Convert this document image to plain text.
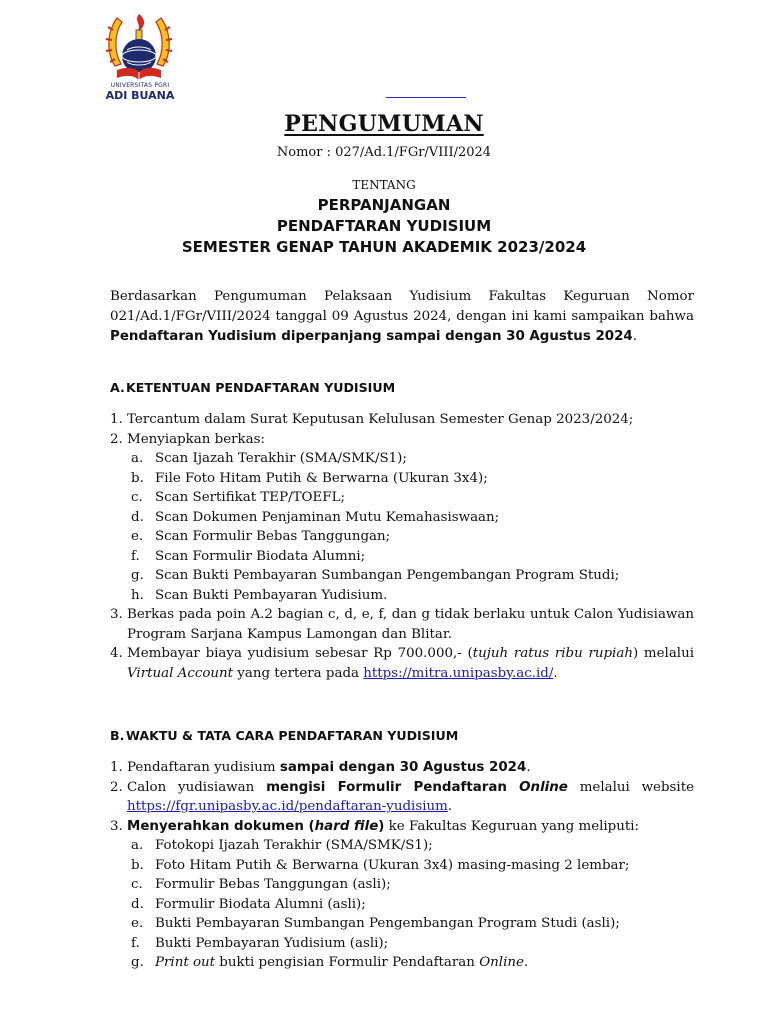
UNIVERSITAS PGRI
ADI BUANA
PENGUMUMAN
Nomor : 027/Ad.1/FGr/VIII/2024
TENTANG
PERPANJANGAN
PENDAFTARAN YUDISIUM
SEMESTER GENAP TAHUN AKADEMIK 2023/2024
Berdasarkan Pengumuman Pelaksaan Yudisium Fakultas Keguruan Nomor 021/Ad.1/FGr/VIII/2024 tanggal 09 Agustus 2024, dengan ini kami sampaikan bahwa Pendaftaran Yudisium diperpanjang sampai dengan 30 Agustus 2024.
A.KETENTUAN PENDAFTARAN YUDISIUM
1. Tercantum dalam Surat Keputusan Kelulusan Semester Genap 2023/2024;
2. Menyiapkan berkas:
a. Scan Ijazah Terakhir (SMA/SMK/S1);
b. File Foto Hitam Putih & Berwarna (Ukuran 3x4);
c. Scan Sertifikat TEP/TOEFL;
d. Scan Dokumen Penjaminan Mutu Kemahasiswaan;
e. Scan Formulir Bebas Tanggungan;
f. Scan Formulir Biodata Alumni;
g. Scan Bukti Pembayaran Sumbangan Pengembangan Program Studi;
h. Scan Bukti Pembayaran Yudisium.
3. Berkas pada poin A.2 bagian c, d, e, f, dan g tidak berlaku untuk Calon Yudisiawan Program Sarjana Kampus Lamongan dan Blitar.
4. Membayar biaya yudisium sebesar Rp 700.000,- (tujuh ratus ribu rupiah) melalui Virtual Account yang tertera pada https://mitra.unipasby.ac.id/.
B. WAKTU & TATA CARA PENDAFTARAN YUDISIUM
1. Pendaftaran yudisium sampai dengan 30 Agustus 2024.
2. Calon yudisiawan mengisi Formulir Pendaftaran Online melalui website https://fgr.unipasby.ac.id/pendaftaran-yudisium.
3. Menyerahkan dokumen (hard file) ke Fakultas Keguruan yang meliputi:
a. Fotokopi Ijazah Terakhir (SMA/SMK/S1);
b. Foto Hitam Putih & Berwarna (Ukuran 3x4) masing-masing 2 lembar;
c. Formulir Bebas Tanggungan (asli);
d. Formulir Biodata Alumni (asli);
e. Bukti Pembayaran Sumbangan Pengembangan Program Studi (asli);
f. Bukti Pembayaran Yudisium (asli);
g. Print out bukti pengisian Formulir Pendaftaran Online.
